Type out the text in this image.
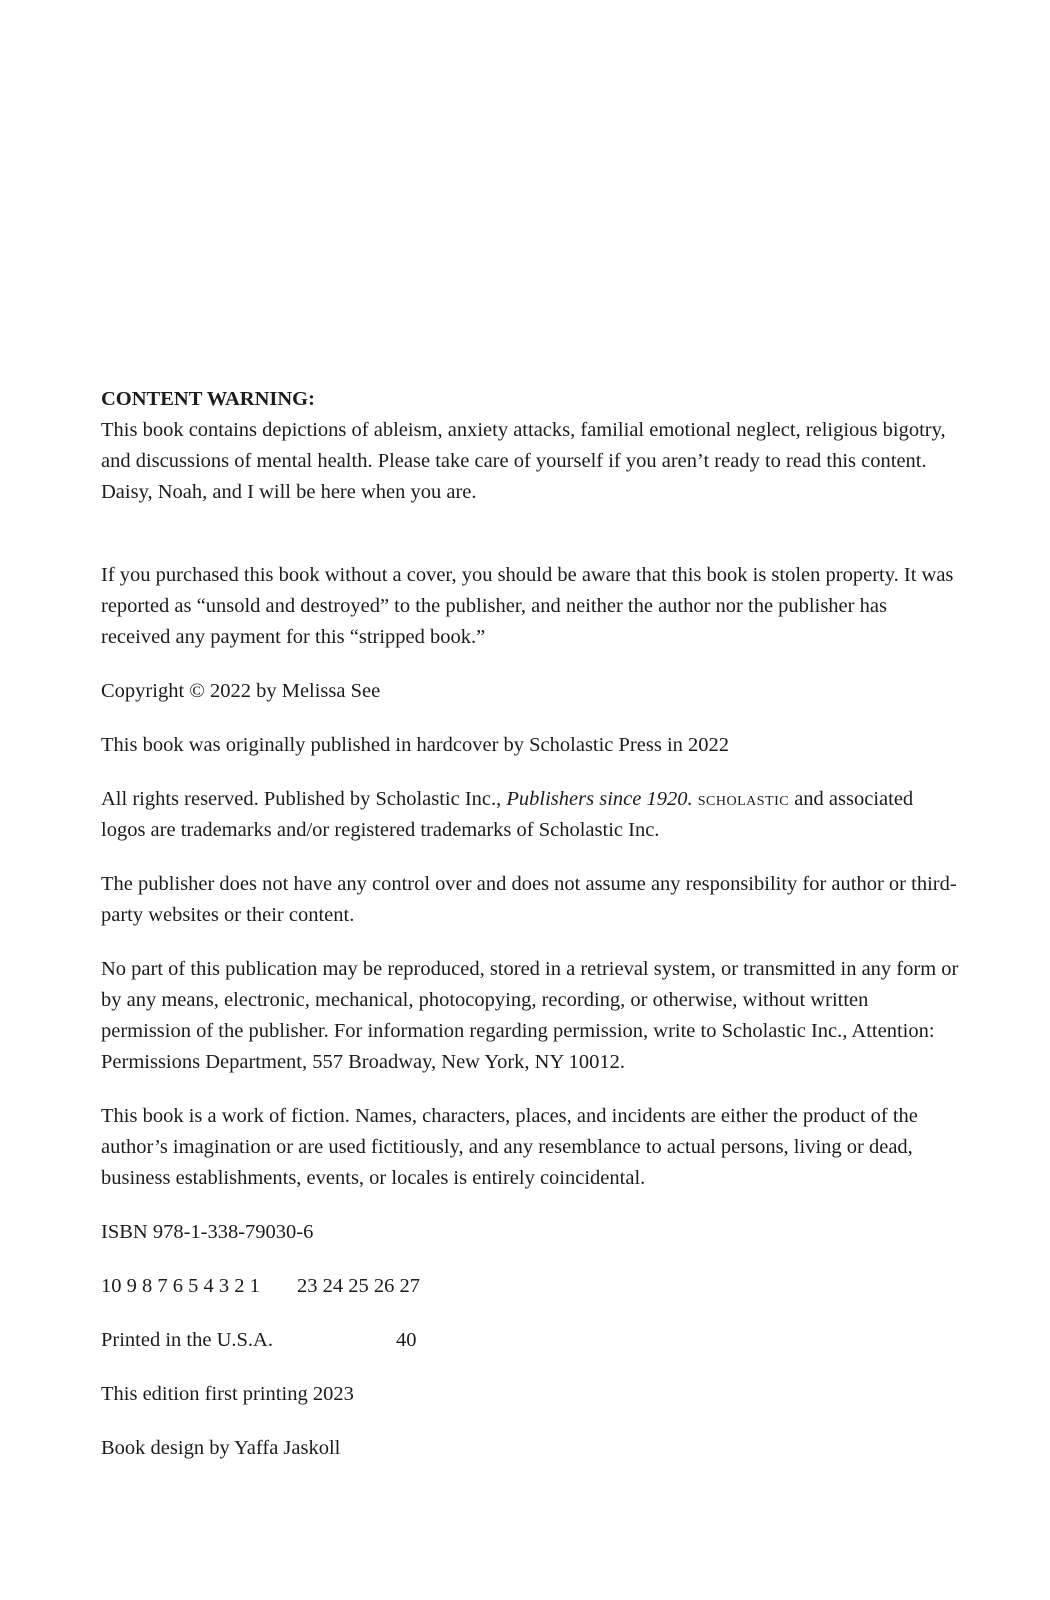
CONTENT WARNING:

This book contains depictions of ableism, anxiety attacks, familial emotional neglect, religious bigotry, and discussions of mental health. Please take care of yourself if you aren’t ready to read this content. Daisy, Noah, and I will be here when you are.

If you purchased this book without a cover, you should be aware that this book is stolen property. It was reported as “unsold and destroyed” to the publisher, and neither the author nor the publisher has received any payment for this “stripped book.”

Copyright © 2022 by Melissa See

This book was originally published in hardcover by Scholastic Press in 2022

All rights reserved. Published by Scholastic Inc., Publishers since 1920. scholastic and associated logos are trademarks and/or registered trademarks of Scholastic Inc.

The publisher does not have any control over and does not assume any responsibility for author or third-party websites or their content.

No part of this publication may be reproduced, stored in a retrieval system, or transmitted in any form or by any means, electronic, mechanical, photocopying, recording, or otherwise, without written permission of the publisher. For information regarding permission, write to Scholastic Inc., Attention: Permissions Department, 557 Broadway, New York, NY 10012.

This book is a work of fiction. Names, characters, places, and incidents are either the product of the author’s imagination or are used fictitiously, and any resemblance to actual persons, living or dead, business establishments, events, or locales is entirely coincidental.

ISBN 978-1-338-79030-6

10 9 8 7 6 5 4 3 2 1	23 24 25 26 27
Printed in the U.S.A.	40

This edition first printing 2023

Book design by Yaffa Jaskoll
